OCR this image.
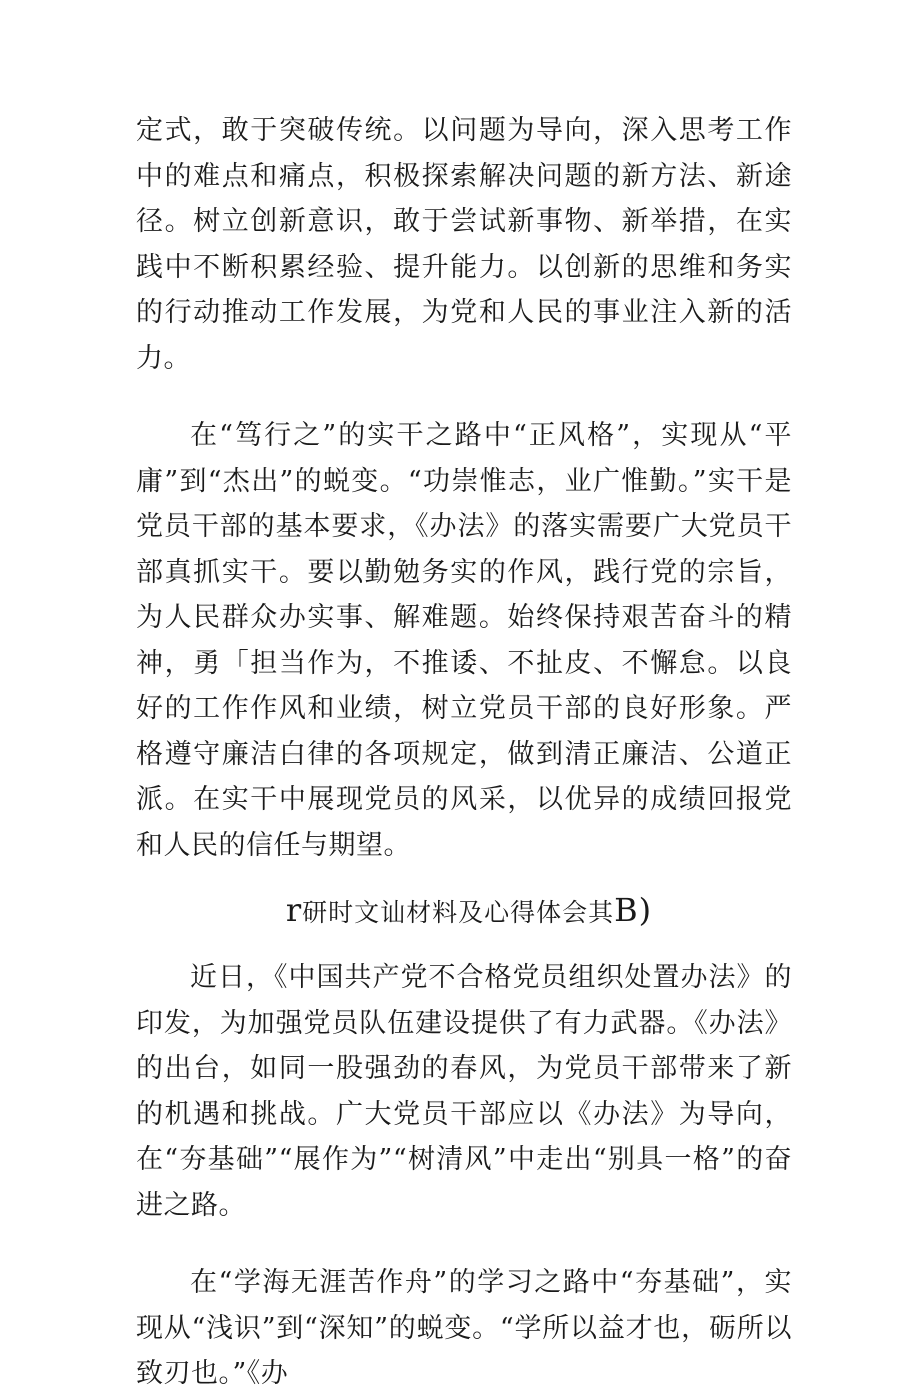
定式，敢于突破传统。以问题为导向，深入思考工作中的难点和痛点，积极探索解决问题的新方法、新途径。树立创新意识，敢于尝试新事物、新举措，在实践中不断积累经验、提升能力。以创新的思维和务实的行动推动工作发展，为党和人民的事业注入新的活力。

在“笃行之”的实干之路中“正风格”，实现从“平庸”到“杰出”的蜕变。“功崇惟志，业广惟勤。”实干是党员干部的基本要求，《办法》的落实需要广大党员干部真抓实干。要以勤勉务实的作风，践行党的宗旨，为人民群众办实事、解难题。始终保持艰苦奋斗的精神，勇「担当作为，不推诿、不扯皮、不懈怠。以良好的工作作风和业绩，树立党员干部的良好形象。严格遵守廉洁白律的各项规定，做到清正廉洁、公道正派。在实干中展现党员的风采，以优异的成绩回报党和人民的信任与期望。

r研时文讪材料及心得体会其B)

近日，《中国共产党不合格党员组织处置办法》的印发，为加强党员队伍建设提供了有力武器。《办法》的出台，如同一股强劲的春风，为党员干部带来了新的机遇和挑战。广大党员干部应以《办法》为导向，在“夯基础”“展作为”“树清风”中走出“别具一格”的奋进之路。

在“学海无涯苦作舟”的学习之路中“夯基础”，实现从“浅识”到“深知”的蜕变。“学所以益才也，砺所以致刃也。”《办
